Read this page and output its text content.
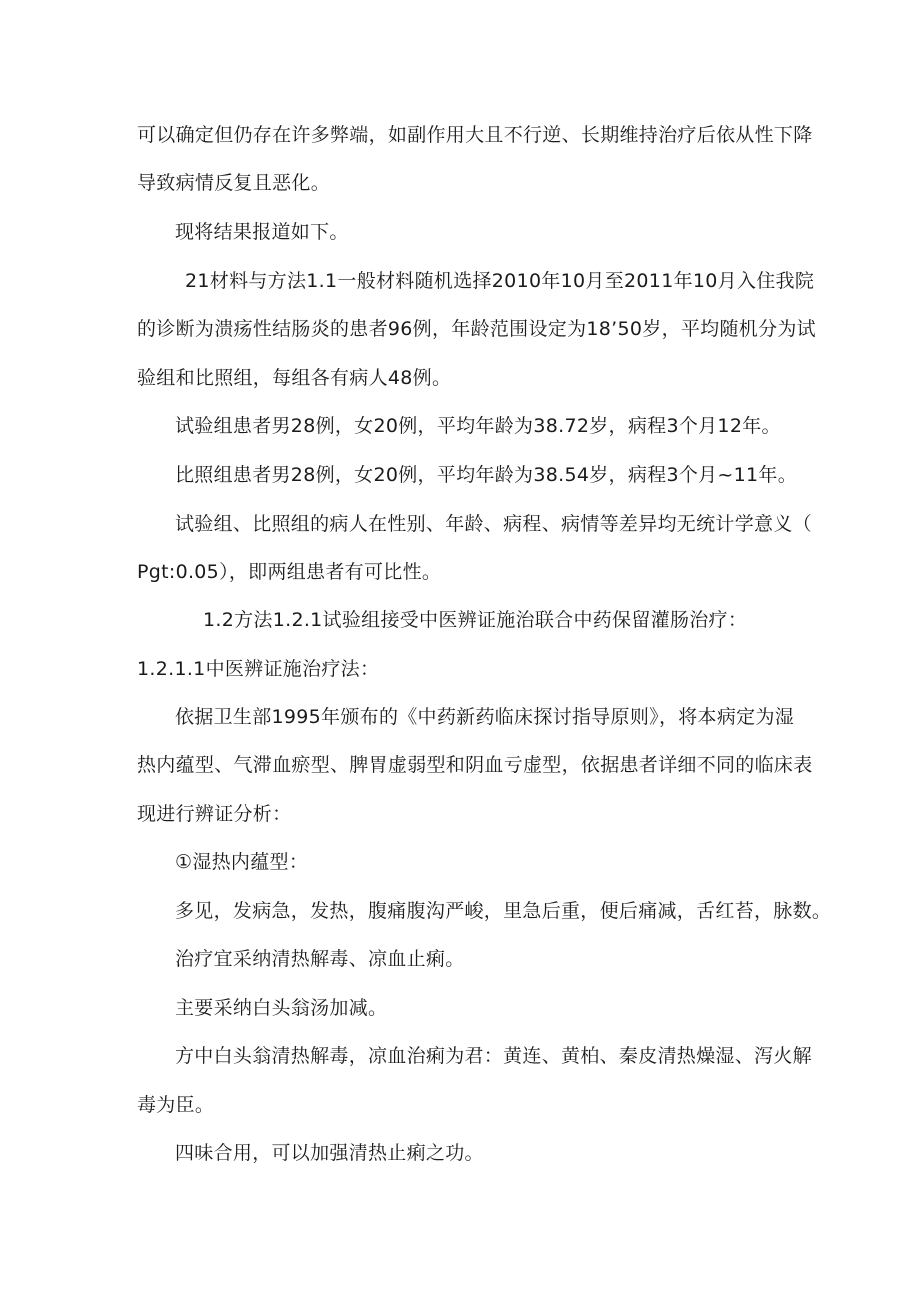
可以确定但仍存在许多弊端，如副作用大且不行逆、长期维持治疗后依从性下降
导致病情反复且恶化。
现将结果报道如下。
21材料与方法1.1一般材料随机选择2010年10月至2011年10月入住我院
的诊断为溃疡性结肠炎的患者96例，年龄范围设定为18’50岁，平均随机分为试
验组和比照组，每组各有病人48例。
试验组患者男28例，女20例，平均年龄为38.72岁，病程3个月12年。
比照组患者男28例，女20例，平均年龄为38.54岁，病程3个月~11年。
试验组、比照组的病人在性别、年龄、病程、病情等差异均无统计学意义（
Pgt:0.05），即两组患者有可比性。
1.2方法1.2.1试验组接受中医辨证施治联合中药保留灌肠治疗：
1.2.1.1中医辨证施治疗法：
依据卫生部1995年颁布的《中药新药临床探讨指导原则》，将本病定为湿
热内蕴型、气滞血瘀型、脾胃虚弱型和阴血亏虚型，依据患者详细不同的临床表
现进行辨证分析：
①湿热内蕴型：
多见，发病急，发热，腹痛腹沟严峻，里急后重，便后痛减，舌红苔，脉数。
治疗宜采纳清热解毒、凉血止痢。
主要采纳白头翁汤加减。
方中白头翁清热解毒，凉血治痢为君：黄连、黄柏、秦皮清热燥湿、泻火解
毒为臣。
四味合用，可以加强清热止痢之功。
